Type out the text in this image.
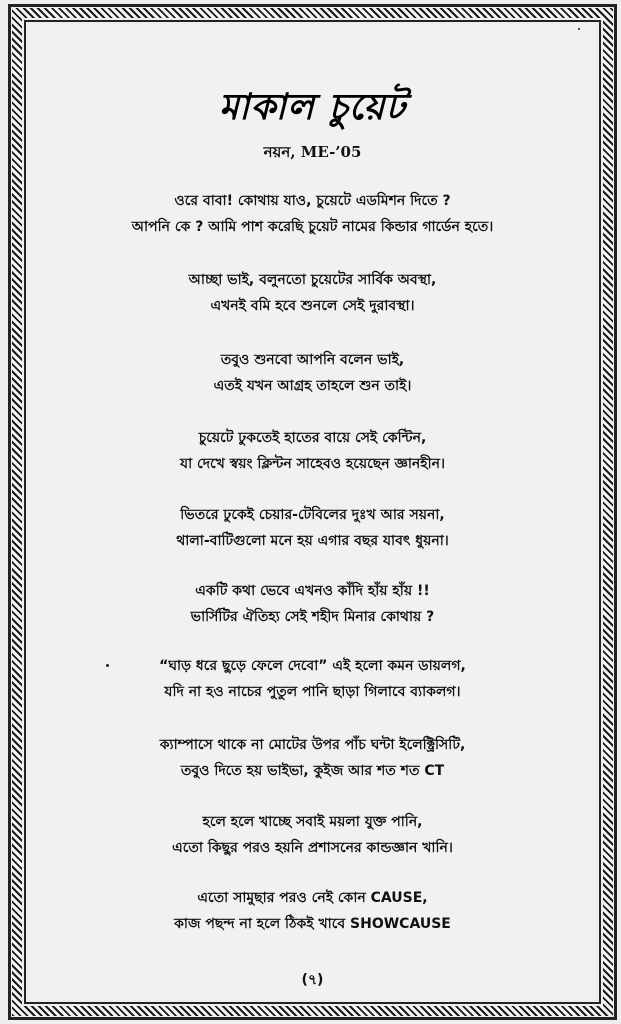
মাকাল চুয়েট
নয়ন, ME-’05
ওরে বাবা! কোথায় যাও, চুয়েটে এডমিশন দিতে ?
আপনি কে ? আমি পাশ করেছি চুয়েট নামের কিন্ডার গার্ডেন হতে।
আচ্ছা ভাই, বলুনতো চুয়েটের সার্বিক অবস্থা,
এখনই বমি হবে শুনলে সেই দুরাবস্থা।
তবুও শুনবো আপনি বলেন ভাই,
এতই যখন আগ্রহ তাহলে শুন তাই।
চুয়েটে ঢুকতেই হাতের বায়ে সেই কেন্টিন,
যা দেখে স্বয়ং ক্লিন্টন সাহেবও হয়েছেন জ্ঞানহীন।
ভিতরে ঢুকেই চেয়ার-টেবিলের দুঃখ আর সয়না,
থালা-বাটিগুলো মনে হয় এগার বছর যাবৎ ধুয়না।
একটি কথা ভেবে এখনও কাঁদি হাঁয় হাঁয় !!
ভার্সিটির ঐতিহ্য সেই শহীদ মিনার কোথায় ?
“ঘাড় ধরে ছুড়ে ফেলে দেবো” এই হলো কমন ডায়লগ,
যদি না হও নাচের পুতুল পানি ছাড়া গিলাবে ব্যাকলগ।
ক্যাম্পাসে থাকে না মোটের উপর পাঁচ ঘন্টা ইলেক্ট্রিসিটি,
তবুও দিতে হয় ভাইভা, কুইজ আর শত শত CT
হলে হলে খাচ্ছে সবাই ময়লা যুক্ত পানি,
এতো কিছুর পরও হয়নি প্রশাসনের কান্ডজ্ঞান খানি।
এতো সামুছার পরও নেই কোন CAUSE,
কাজ পছন্দ না হলে ঠিকই খাবে SHOWCAUSE
(৭)
